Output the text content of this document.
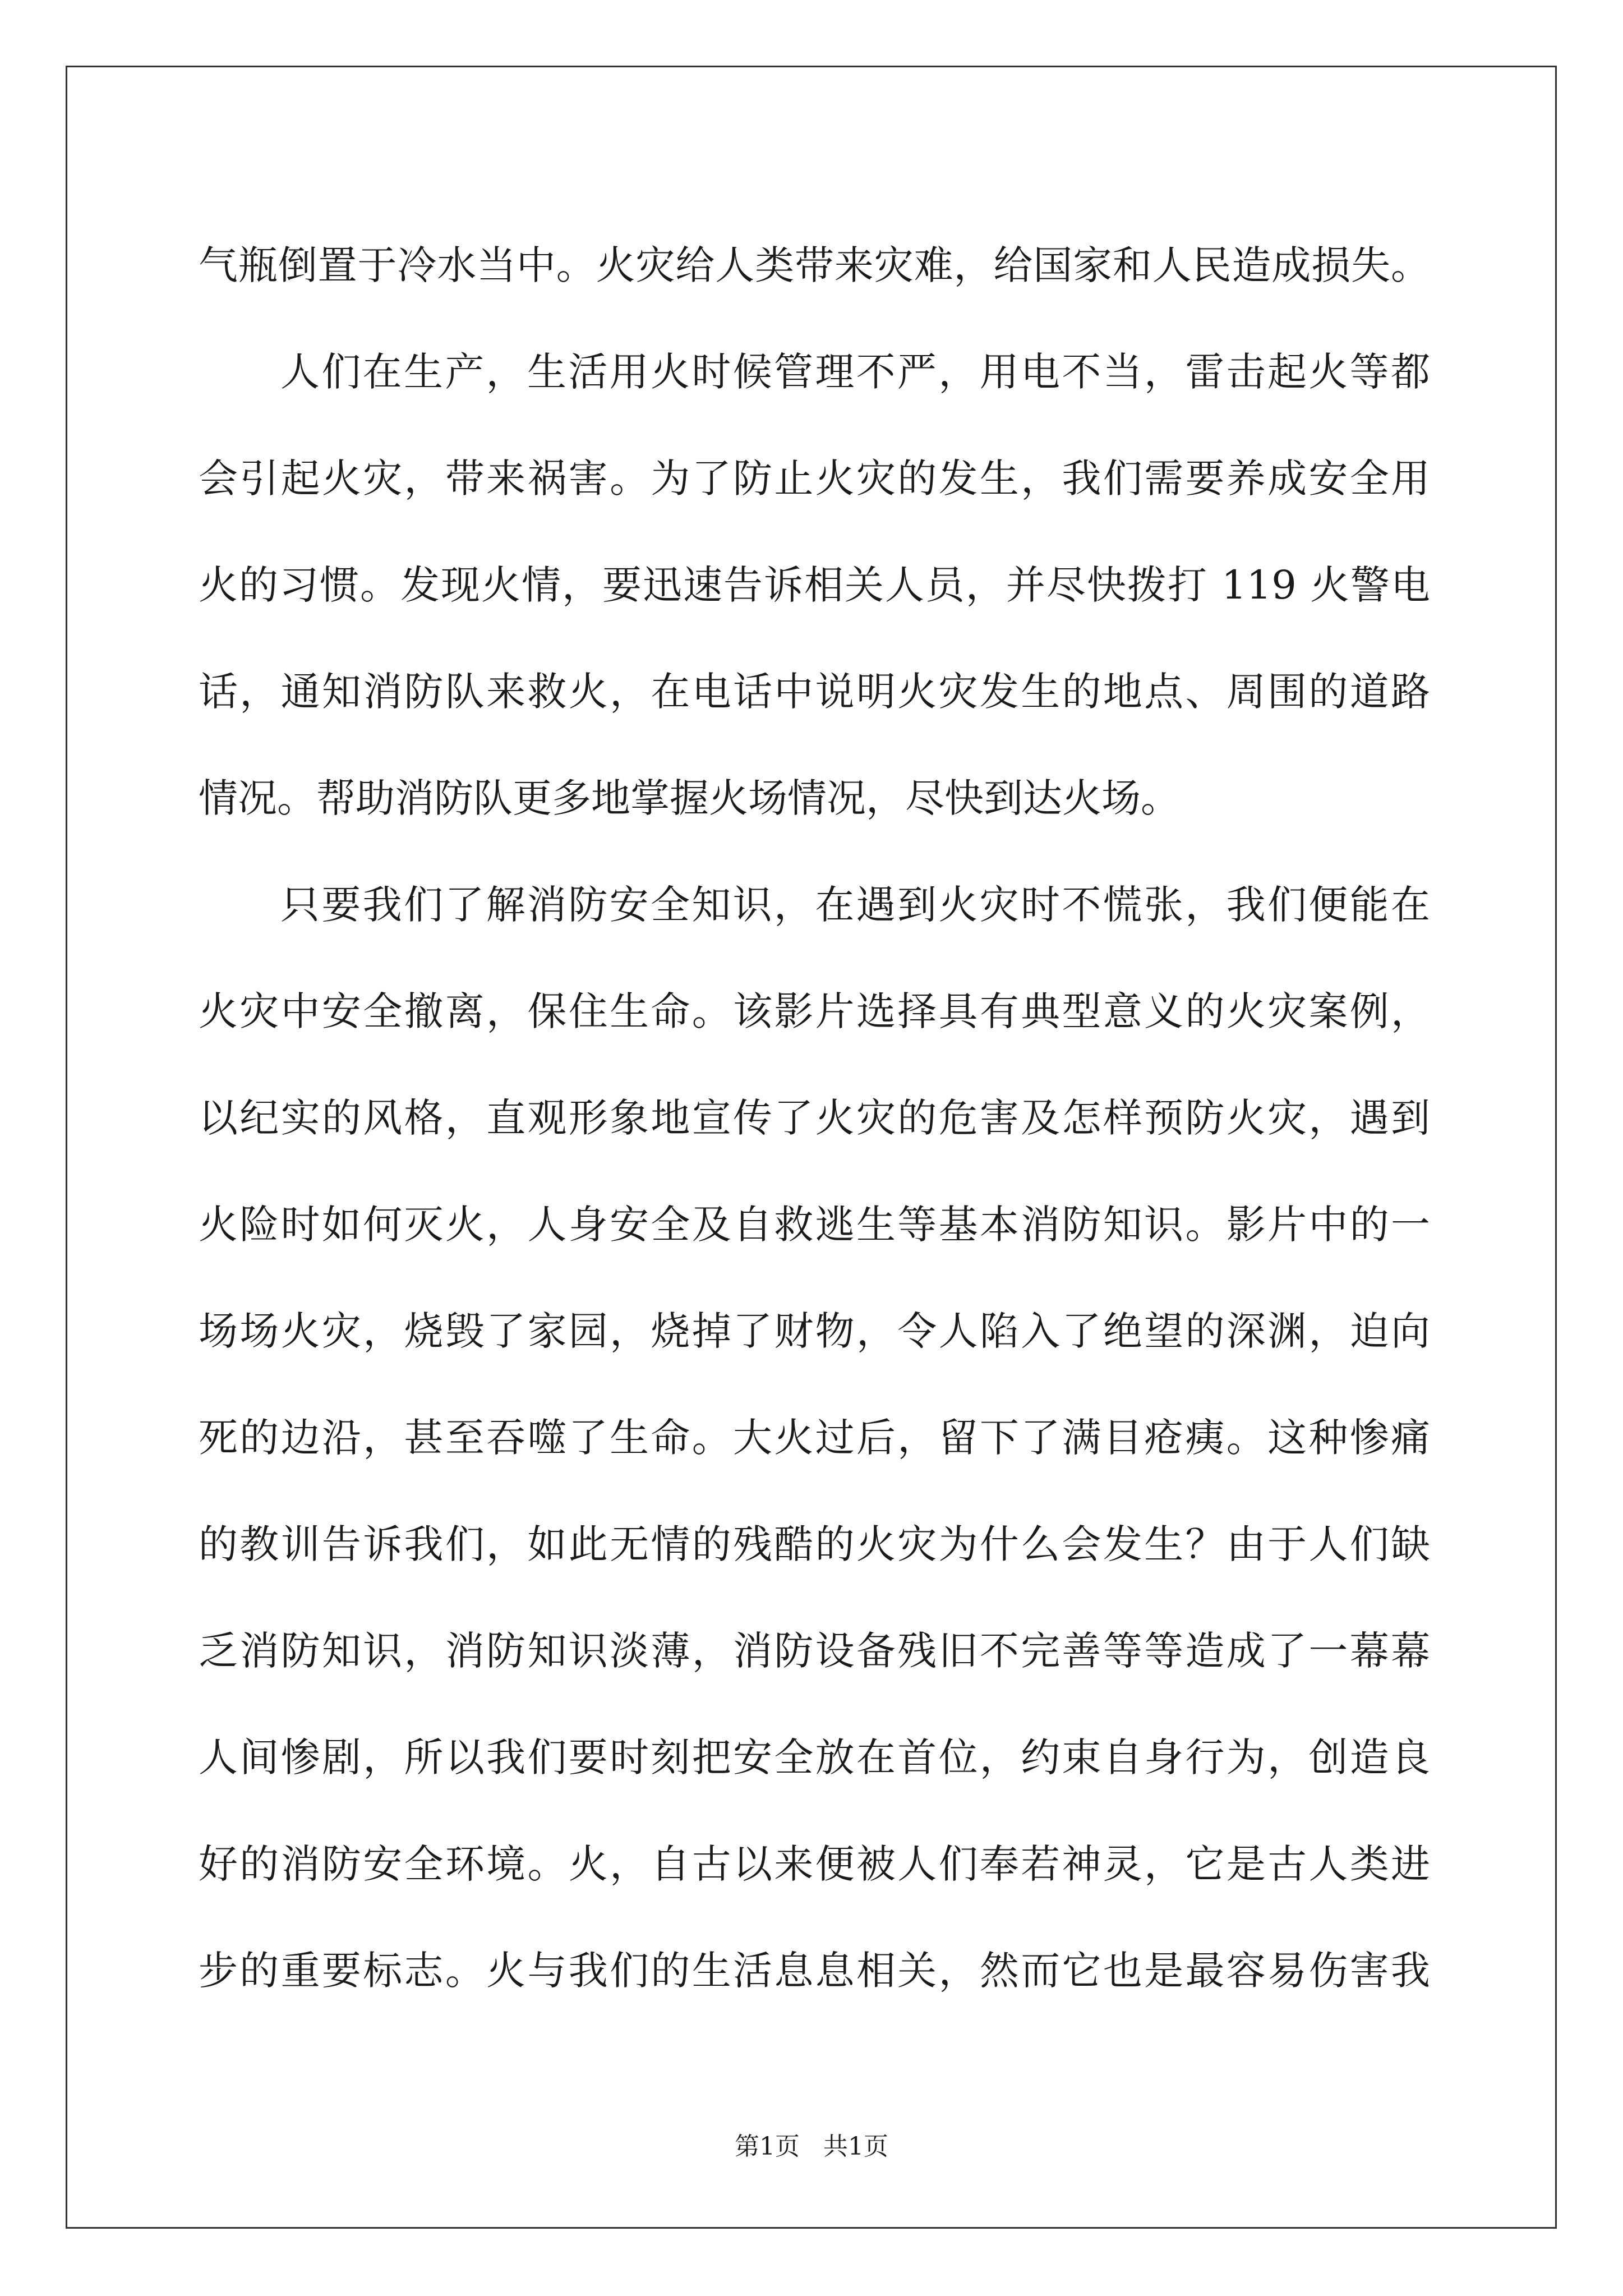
气瓶倒置于冷水当中。火灾给人类带来灾难，给国家和人民造成损失。
人们在生产，生活用火时候管理不严，用电不当，雷击起火等都
会引起火灾，带来祸害。为了防止火灾的发生，我们需要养成安全用
火的习惯。发现火情，要迅速告诉相关人员，并尽快拨打 119 火警电
话，通知消防队来救火，在电话中说明火灾发生的地点、周围的道路
情况。帮助消防队更多地掌握火场情况，尽快到达火场。
只要我们了解消防安全知识，在遇到火灾时不慌张，我们便能在
火灾中安全撤离，保住生命。该影片选择具有典型意义的火灾案例，
以纪实的风格，直观形象地宣传了火灾的危害及怎样预防火灾，遇到
火险时如何灭火，人身安全及自救逃生等基本消防知识。影片中的一
场场火灾，烧毁了家园，烧掉了财物，令人陷入了绝望的深渊，迫向
死的边沿，甚至吞噬了生命。大火过后，留下了满目疮痍。这种惨痛
的教训告诉我们，如此无情的残酷的火灾为什么会发生？由于人们缺
乏消防知识，消防知识淡薄，消防设备残旧不完善等等造成了一幕幕
人间惨剧，所以我们要时刻把安全放在首位，约束自身行为，创造良
好的消防安全环境。火，自古以来便被人们奉若神灵，它是古人类进
步的重要标志。火与我们的生活息息相关，然而它也是最容易伤害我
第1页   共1页
